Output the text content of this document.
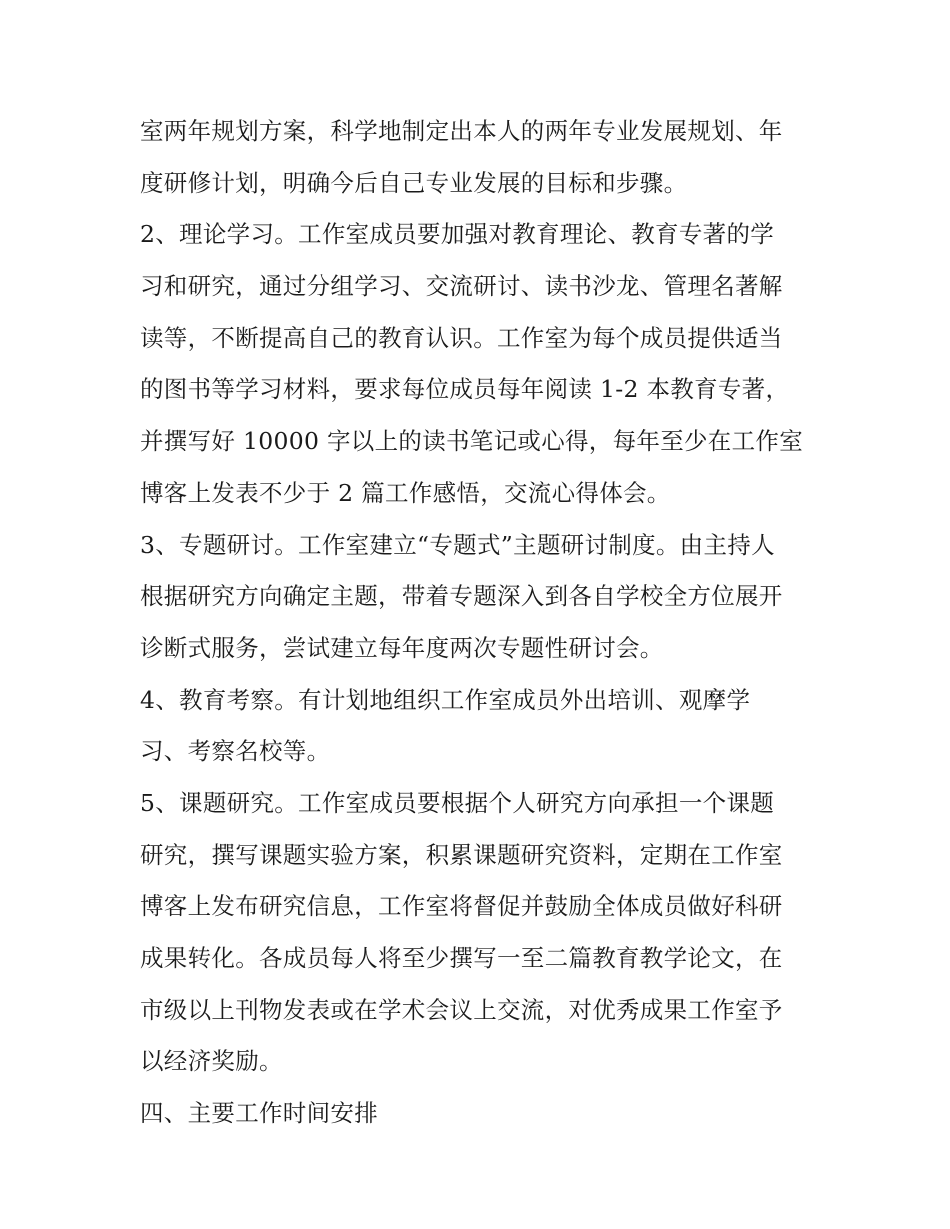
室两年规划方案，科学地制定出本人的两年专业发展规划、年
度研修计划，明确今后自己专业发展的目标和步骤。
2、理论学习。工作室成员要加强对教育理论、教育专著的学
习和研究，通过分组学习、交流研讨、读书沙龙、管理名著解
读等，不断提高自己的教育认识。工作室为每个成员提供适当
的图书等学习材料，要求每位成员每年阅读 1-2 本教育专著，
并撰写好 10000 字以上的读书笔记或心得，每年至少在工作室
博客上发表不少于 2 篇工作感悟，交流心得体会。
3、专题研讨。工作室建立“专题式”主题研讨制度。由主持人
根据研究方向确定主题，带着专题深入到各自学校全方位展开
诊断式服务，尝试建立每年度两次专题性研讨会。
4、教育考察。有计划地组织工作室成员外出培训、观摩学
习、考察名校等。
5、课题研究。工作室成员要根据个人研究方向承担一个课题
研究，撰写课题实验方案，积累课题研究资料，定期在工作室
博客上发布研究信息，工作室将督促并鼓励全体成员做好科研
成果转化。各成员每人将至少撰写一至二篇教育教学论文，在
市级以上刊物发表或在学术会议上交流，对优秀成果工作室予
以经济奖励。
四、主要工作时间安排
